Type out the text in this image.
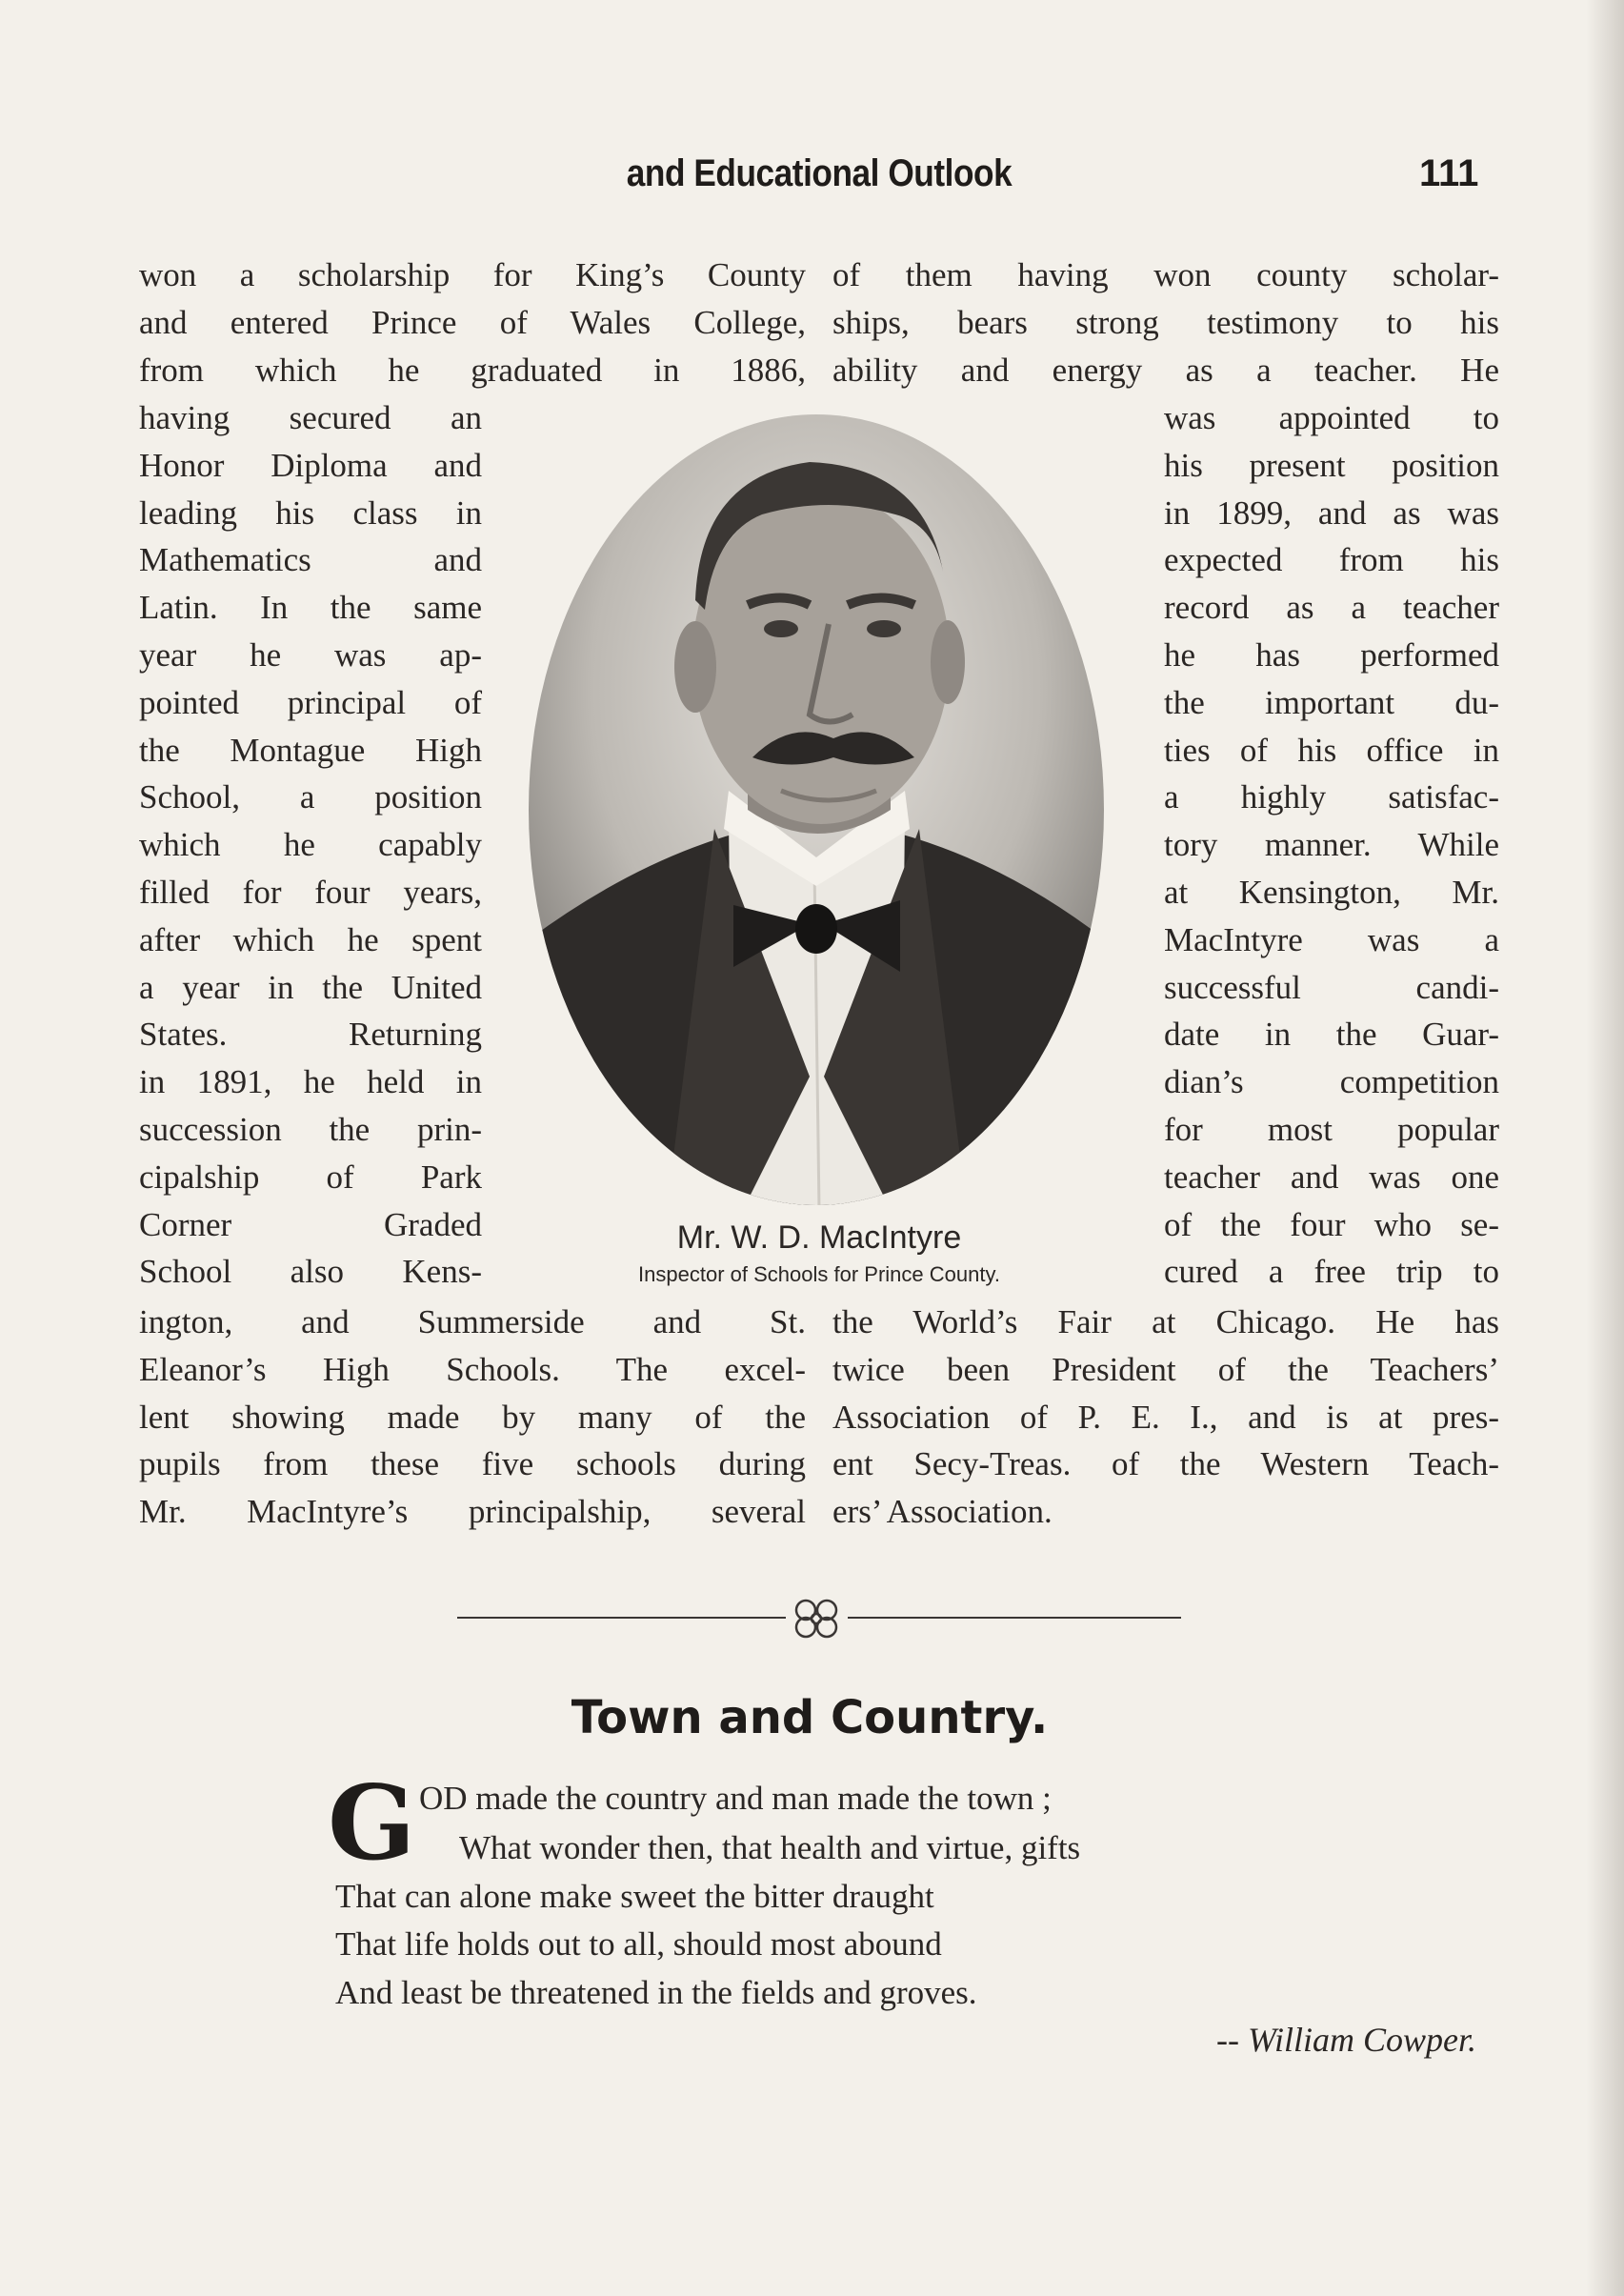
and Educational Outlook	111
won a scholarship for King’s County
and entered Prince of Wales College,
from which he graduated in 1886,
of them having won county scholar-
ships, bears strong testimony to his
ability and energy as a teacher. He
having secured an
Honor Diploma and
leading his class in
Mathematics and
Latin. In the same
year he was ap-
pointed principal of
the Montague High
School, a position
which he capably
filled for four years,
after which he spent
a year in the United
States. Returning
in 1891, he held in
succession the prin-
cipalship of Park
Corner Graded
School also Kens-
was appointed to
his present position
in 1899, and as was
expected from his
record as a teacher
he has performed
the important du-
ties of his office in
a highly satisfac-
tory manner. While
at Kensington, Mr.
MacIntyre was a
successful candi-
date in the Guar-
dian’s competition
for most popular
teacher and was one
of the four who se-
cured a free trip to
ington, and Summerside and St.
Eleanor’s High Schools. The excel-
lent showing made by many of the
pupils from these five schools during
Mr. MacIntyre’s principalship, several
the World’s Fair at Chicago. He has
twice been President of the Teachers’
Association of P. E. I., and is at pres-
ent Secy-Treas. of the Western Teach-
ers’ Association.
Mr. W. D. MacIntyre
Inspector of Schools for Prince County.
Town and Country.
G OD made the country and man made the town ;
What wonder then, that health and virtue, gifts
That can alone make sweet the bitter draught
That life holds out to all, should most abound
And least be threatened in the fields and groves.
-- William Cowper.
